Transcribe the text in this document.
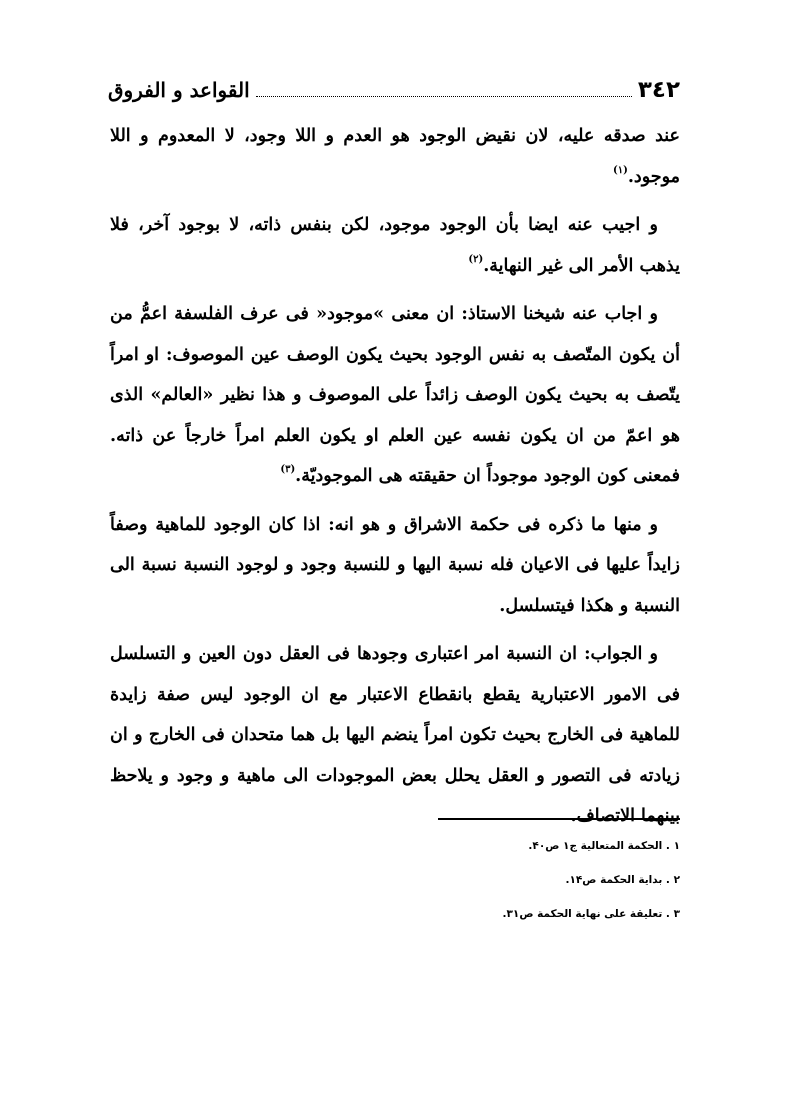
۳٤۲
القواعد و الفروق

عند صدقه عليه، لان نقيض الوجود هو العدم و اللا وجود، لا المعدوم و اللا موجود.$^{(۱)}$

و اجيب عنه ايضا بأن الوجود موجود، لكن بنفس ذاته، لا بوجود آخر، فلا يذهب الأمر الى غير النهاية.$^{(۲)}$

و اجاب عنه شيخنا الاستاذ: ان معنى »موجود« فى عرف الفلسفة اعمُّ من أن يكون المتّصف به نفس الوجود بحيث يكون الوصف عين الموصوف: او امراً يتّصف به بحيث يكون الوصف زائداً على الموصوف و هذا نظير «العالم» الذى هو اعمّ من ان يكون نفسه عين العلم او يكون العلم امراً خارجاً عن ذاته. فمعنى كون الوجود موجوداً ان حقيقته هى الموجوديّة.$^{(۳)}$

و منها ما ذكره فى حكمة الاشراق و هو انه: اذا كان الوجود للماهية وصفاً زايداً عليها فى الاعيان فله نسبة اليها و للنسبة وجود و لوجود النسبة نسبة الى النسبة و هكذا فيتسلسل.

و الجواب: ان النسبة امر اعتبارى وجودها فى العقل دون العين و التسلسل فى الامور الاعتبارية يقطع بانقطاع الاعتبار مع ان الوجود ليس صفة زايدة للماهية فى الخارج بحيث تكون امراً ينضم اليها بل هما متحدان فى الخارج و ان زيادته فى التصور و العقل يحلل بعض الموجودات الى ماهية و وجود و يلاحظ بينهما الاتصاف.

۱ . الحكمة المتعالية ج۱ ص۴۰.
۲ . بداية الحكمة ص۱۴.
۳ . تعليقة على نهاية الحكمة ص۳۱.
